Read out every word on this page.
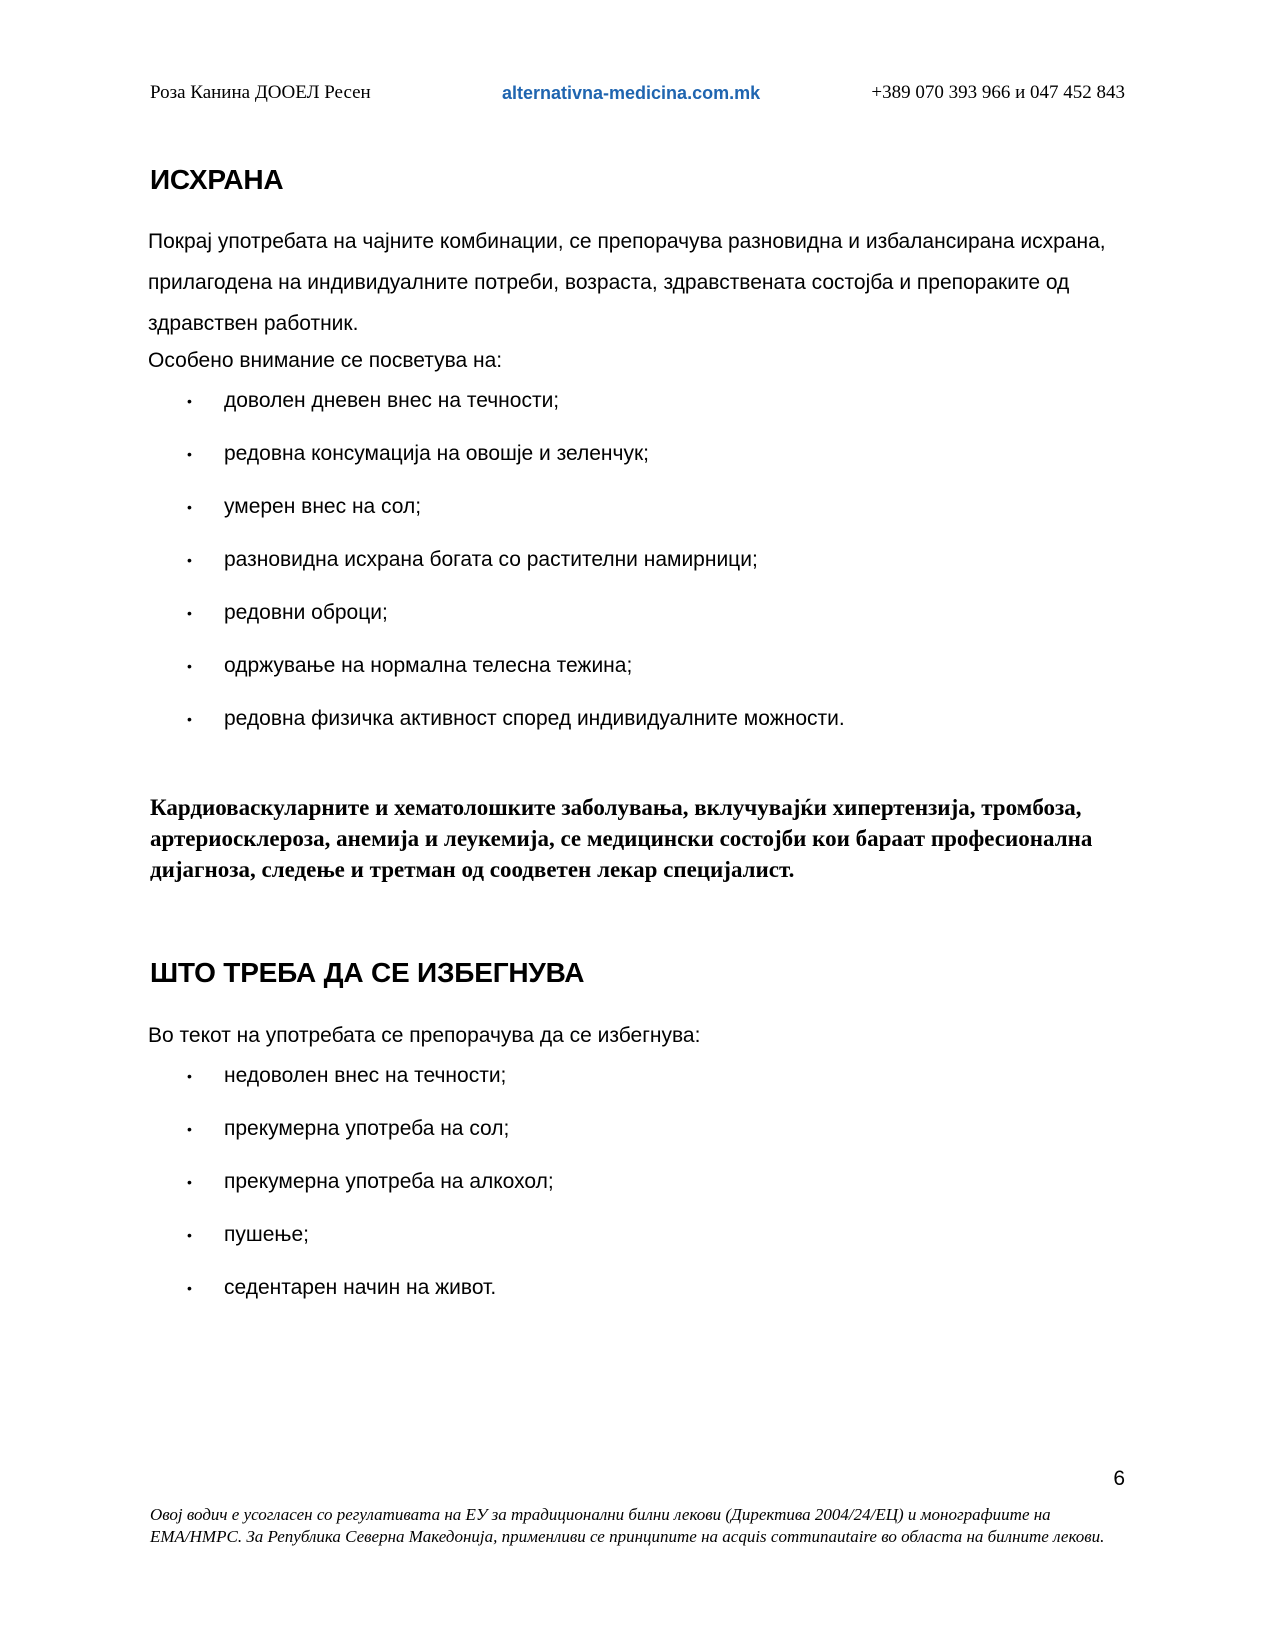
Роза Канина ДООЕЛ Ресен	alternativna-medicina.com.mk	+389 070 393 966 и 047 452 843
ИСХРАНА
Покрај употребата на чајните комбинации, се препорачува разновидна и избалансирана исхрана, прилагодена на индивидуалните потреби, возраста, здравствената состојба и препораките од здравствен работник.
Особено внимание се посветува на:
• доволен дневен внес на течности;
• редовна консумација на овошје и зеленчук;
• умерен внес на сол;
• разновидна исхрана богата со растителни намирници;
• редовни оброци;
• одржување на нормална телесна тежина;
• редовна физичка активност според индивидуалните можности.
Кардиоваскуларните и хематолошките заболувања, вклучувајќи хипертензија, тромбоза, артериосклероза, анемија и леукемија, се медицински состојби кои бараат професионална дијагноза, следење и третман од соодветен лекар специјалист.
ШТО ТРЕБА ДА СЕ ИЗБЕГНУВА
Во текот на употребата се препорачува да се избегнува:
• недоволен внес на течности;
• прекумерна употреба на сол;
• прекумерна употреба на алкохол;
• пушење;
• седентарен начин на живот.
6
Овој водич е усогласен со регулативата на ЕУ за традиционални билни лекови (Директива 2004/24/ЕЦ) и монографиите на ЕМА/HMPC. За Република Северна Македонија, применливи се принципите на acquis communautaire во областа на билните лекови.
